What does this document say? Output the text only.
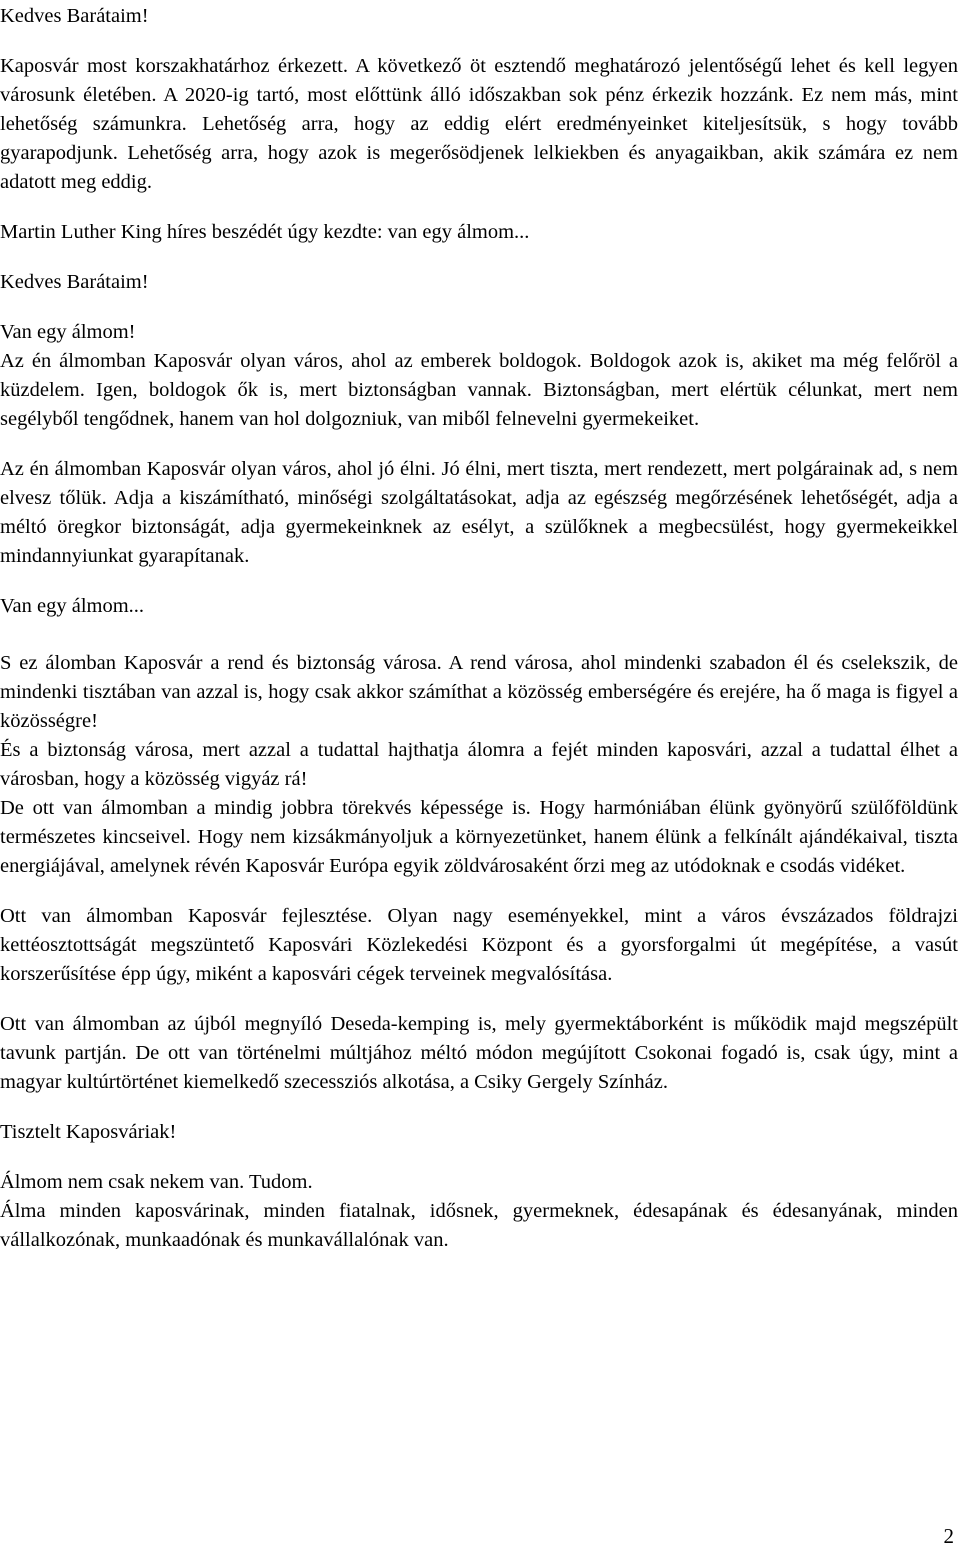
Kedves Barátaim!

Kaposvár most korszakhatárhoz érkezett. A következő öt esztendő meghatározó jelentőségű lehet és kell legyen városunk életében. A 2020-ig tartó, most előttünk álló időszakban sok pénz érkezik hozzánk. Ez nem más, mint lehetőség számunkra. Lehetőség arra, hogy az eddig elért eredményeinket kiteljesítsük, s hogy tovább gyarapodjunk. Lehetőség arra, hogy azok is megerősödjenek lelkiekben és anyagaikban, akik számára ez nem adatott meg eddig.

Martin Luther King híres beszédét úgy kezdte: van egy álmom...

Kedves Barátaim!

Van egy álmom!

Az én álmomban Kaposvár olyan város, ahol az emberek boldogok. Boldogok azok is, akiket ma még felőröl a küzdelem. Igen, boldogok ők is, mert biztonságban vannak. Biztonságban, mert elértük célunkat, mert nem segélyből tengődnek, hanem van hol dolgozniuk, van miből felnevelni gyermekeiket.

Az én álmomban Kaposvár olyan város, ahol jó élni. Jó élni, mert tiszta, mert rendezett, mert polgárainak ad, s nem elvesz tőlük. Adja a kiszámítható, minőségi szolgáltatásokat, adja az egészség megőrzésének lehetőségét, adja a méltó öregkor biztonságát, adja gyermekeinknek az esélyt, a szülőknek a megbecsülést, hogy gyermekeikkel mindannyiunkat gyarapítanak.

Van egy álmom...

S ez álomban Kaposvár a rend és biztonság városa. A rend városa, ahol mindenki szabadon él és cselekszik, de mindenki tisztában van azzal is, hogy csak akkor számíthat a közösség emberségére és erejére, ha ő maga is figyel a közösségre!

És a biztonság városa, mert azzal a tudattal hajthatja álomra a fejét minden kaposvári, azzal a tudattal élhet a városban, hogy a közösség vigyáz rá!

De ott van álmomban a mindig jobbra törekvés képessége is. Hogy harmóniában élünk gyönyörű szülőföldünk természetes kincseivel. Hogy nem kizsákmányoljuk a környezetünket, hanem élünk a felkínált ajándékaival, tiszta energiájával, amelynek révén Kaposvár Európa egyik zöldvárosaként őrzi meg az utódoknak e csodás vidéket.

Ott van álmomban Kaposvár fejlesztése. Olyan nagy eseményekkel, mint a város évszázados földrajzi kettéosztottságát megszüntető Kaposvári Közlekedési Központ és a gyorsforgalmi út megépítése, a vasút korszerűsítése épp úgy, miként a kaposvári cégek terveinek megvalósítása.

Ott van álmomban az újból megnyíló Deseda-kemping is, mely gyermektáborként is működik majd megszépült tavunk partján. De ott van történelmi múltjához méltó módon megújított Csokonai fogadó is, csak úgy, mint a magyar kultúrtörténet kiemelkedő szecessziós alkotása, a Csiky Gergely Színház.

Tisztelt Kaposváriak!

Álmom nem csak nekem van. Tudom.

Álma minden kaposvárinak, minden fiatalnak, idősnek, gyermeknek, édesapának és édesanyának, minden vállalkozónak, munkaadónak és munkavállalónak van.

2
